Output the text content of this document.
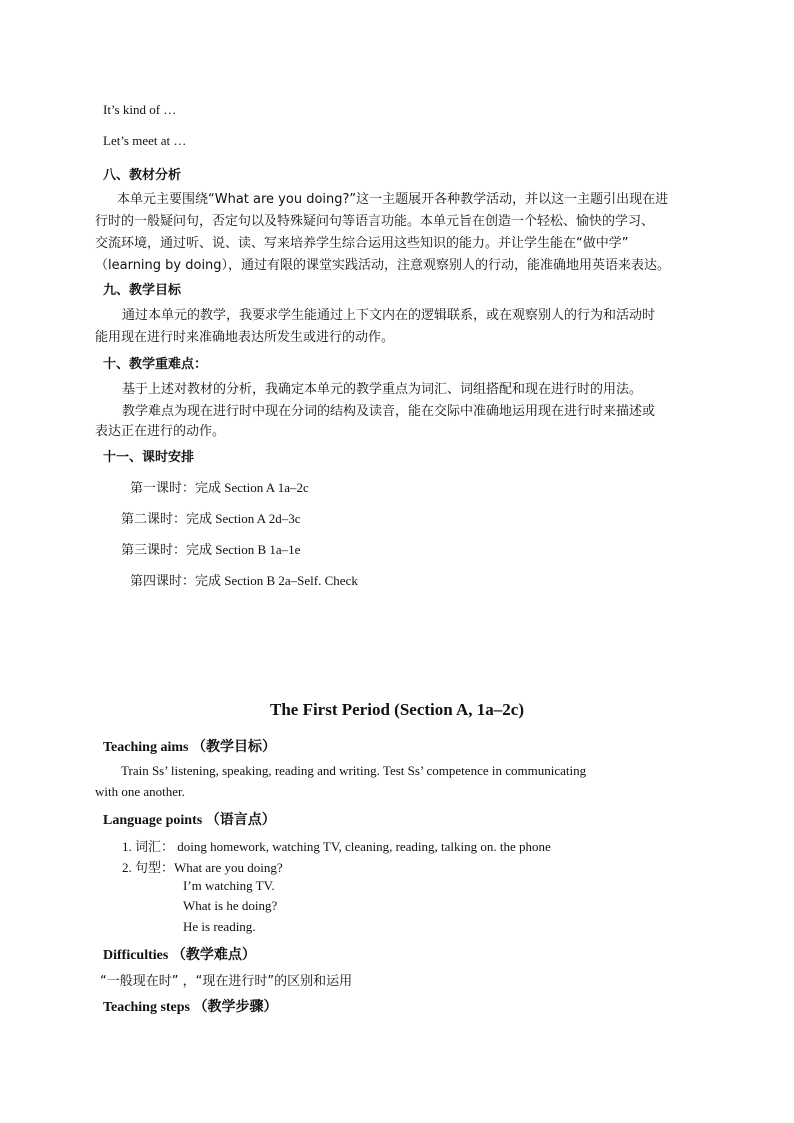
It’s kind of …
Let’s meet at …
八、教材分析
本单元主要围绕“What are you doing?”这一主题展开各种教学活动，并以这一主题引出现在进
行时的一般疑问句，否定句以及特殊疑问句等语言功能。本单元旨在创造一个轻松、愉快的学习、
交流环境，通过听、说、读、写来培养学生综合运用这些知识的能力。并让学生能在“做中学”
（learning by doing），通过有限的课堂实践活动，注意观察别人的行动，能准确地用英语来表达。
九、教学目标
通过本单元的教学，我要求学生能通过上下文内在的逻辑联系，或在观察别人的行为和活动时
能用现在进行时来准确地表达所发生或进行的动作。
十、教学重难点：
基于上述对教材的分析，我确定本单元的教学重点为词汇、词组搭配和现在进行时的用法。
教学难点为现在进行时中现在分词的结构及读音，能在交际中准确地运用现在进行时来描述或
表达正在进行的动作。
十一、课时安排
第一课时：完成 Section A 1a–2c
第二课时：完成 Section A 2d–3c
第三课时：完成 Section B 1a–1e
第四课时：完成 Section B 2a–Self. Check
The First Period (Section A, 1a–2c)
Teaching aims （教学目标）
Train Ss’ listening, speaking, reading and writing. Test Ss’ competence in communicating
with one another.
Language points （语言点）
1. 词汇： doing homework, watching TV, cleaning, reading, talking on. the phone
2. 句型：What are you doing?
I’m watching TV.
What is he doing?
He is reading.
Difficulties （教学难点）
“一般现在时” ，“现在进行时”的区别和运用
Teaching steps （教学步骤）
